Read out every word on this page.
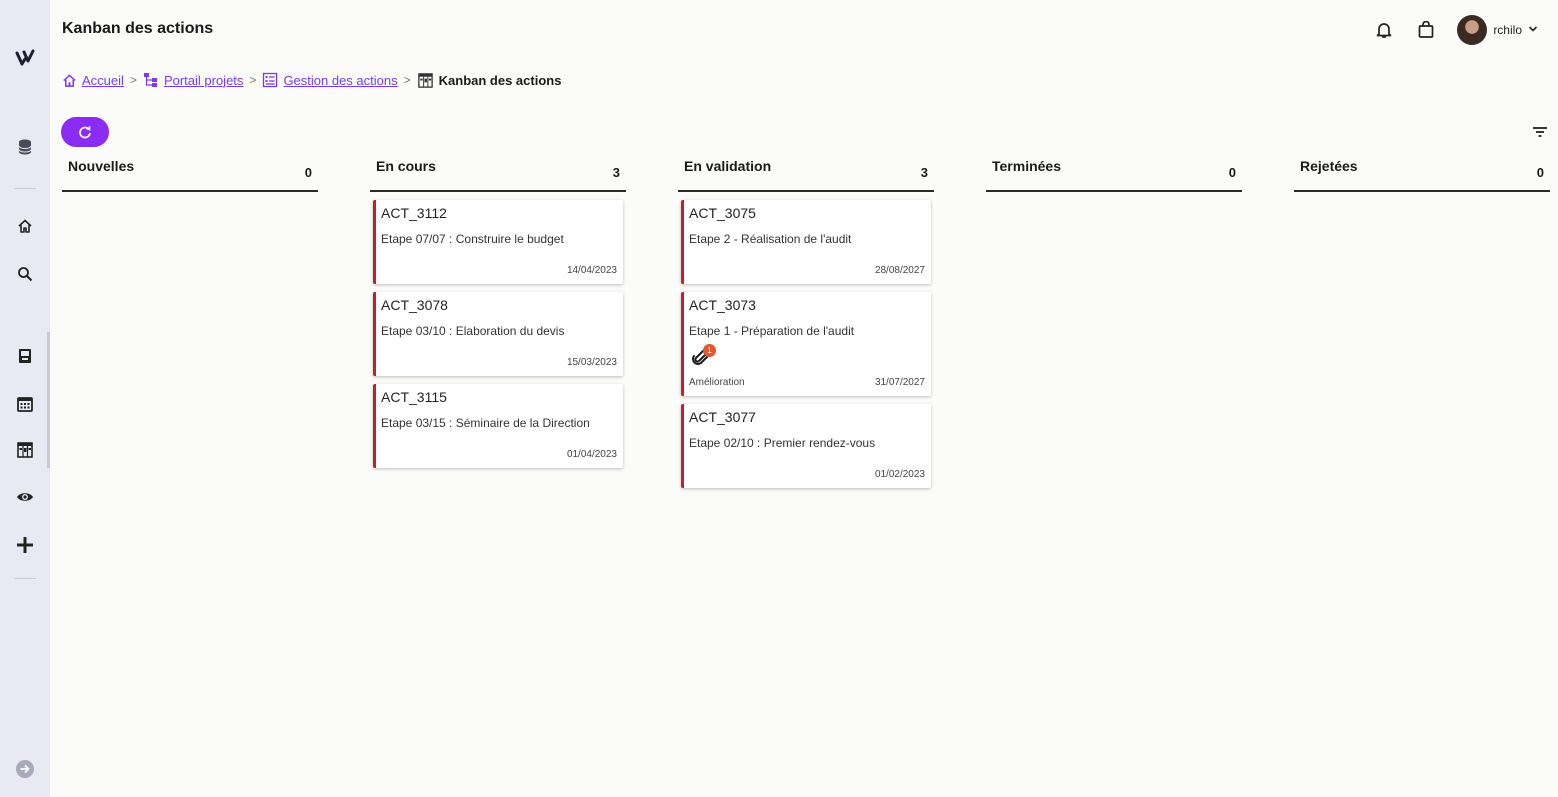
Kanban des actions	rchilo
Accueil > Portail projets > Gestion des actions > Kanban des actions
Nouvelles	0	En cours	3
ACT_3112
Etape 07/07 : Construire le budget
14/04/2023
ACT_3078
Etape 03/10 : Elaboration du devis
15/03/2023
ACT_3115
Etape 03/15 : Séminaire de la Direction
01/04/2023
En validation	3
ACT_3075
Etape 2 - Réalisation de l'audit
28/08/2027
ACT_3073
Etape 1 - Préparation de l'audit
1
Amélioration	31/07/2027
ACT_3077
Etape 02/10 : Premier rendez-vous
01/02/2023
Terminées	0	Rejetées	0
